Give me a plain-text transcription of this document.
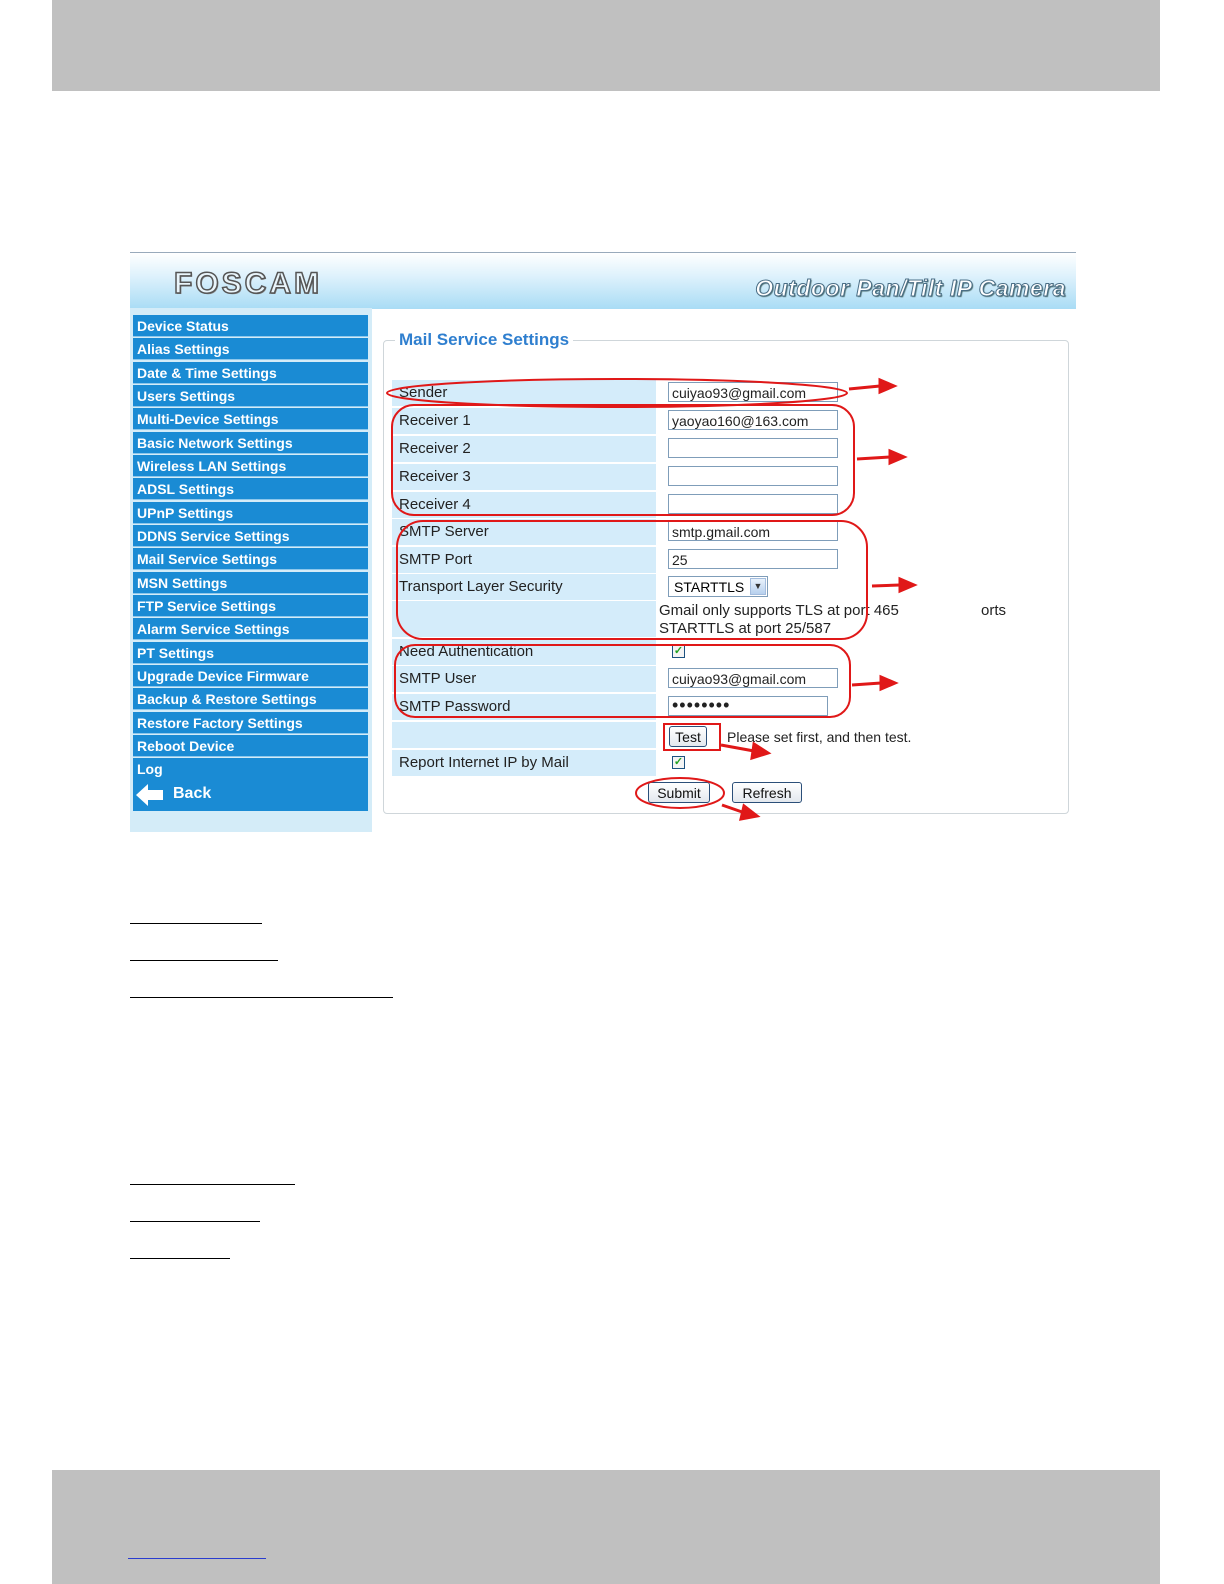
FOSCAM	Outdoor Pan/Tilt IP Camera
Device Status
Alias Settings
Date & Time Settings
Users Settings
Multi-Device Settings
Basic Network Settings
Wireless LAN Settings
ADSL Settings
UPnP Settings
DDNS Service Settings
Mail Service Settings
MSN Settings
FTP Service Settings
Alarm Service Settings
PT Settings
Upgrade Device Firmware
Backup & Restore Settings
Restore Factory Settings
Reboot Device
Log
Back
Mail Service Settings
Sender	cuiyao93@gmail.com
Receiver 1	yaoyao160@163.com
Receiver 2
Receiver 3
Receiver 4
SMTP Server	smtp.gmail.com
SMTP Port	25
Transport Layer Security	STARTTLS	▼
Gmail only supports TLS at port 465
STARTTLS at port 25/587
orts
Need Authentication	✓
SMTP User	cuiyao93@gmail.com
SMTP Password	••••••••
Test	Please set first, and then test.
Report Internet IP by Mail	✓
Submit	Refresh
